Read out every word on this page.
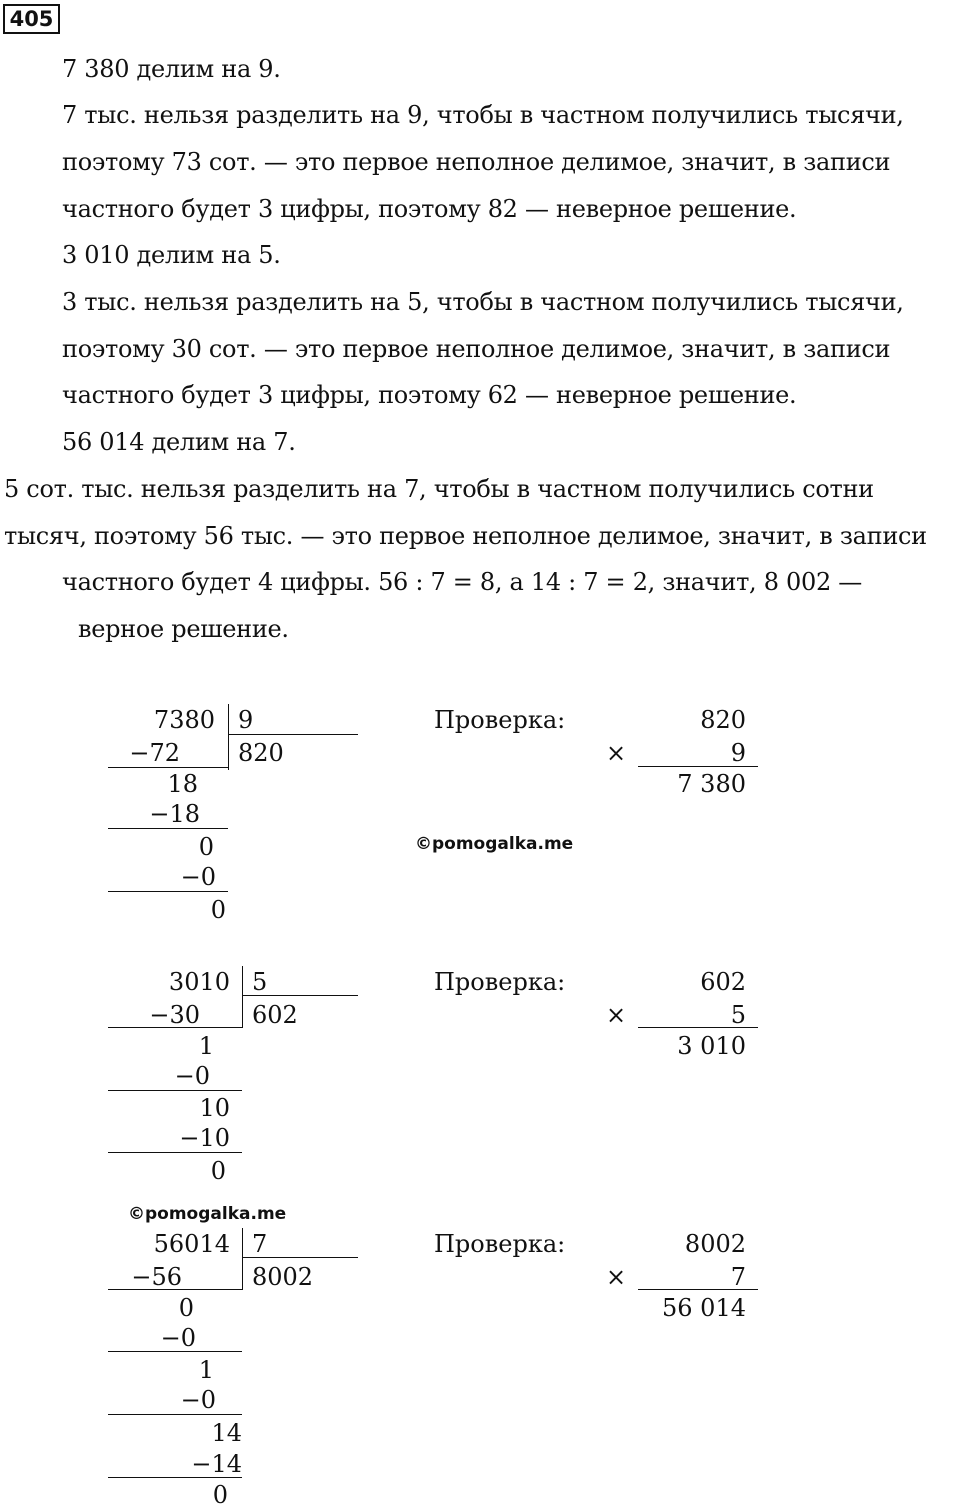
405
7 380 делим на 9.
7 тыс. нельзя разделить на 9, чтобы в частном получились тысячи,
поэтому 73 сот. — это первое неполное делимое, значит, в записи
частного будет 3 цифры, поэтому 82 — неверное решение.
3 010 делим на 5.
3 тыс. нельзя разделить на 5, чтобы в частном получились тысячи,
поэтому 30 сот. — это первое неполное делимое, значит, в записи
частного будет 3 цифры, поэтому 62 — неверное решение.
56 014 делим на 7.
5 сот. тыс. нельзя разделить на 7, чтобы в частном получились сотни
тысяч, поэтому 56 тыс. — это первое неполное делимое, значит, в записи
частного будет 4 цифры. 56 : 7 = 8, а 14 : 7 = 2, значит, 8 002 —
верное решение.
7380 9
820
−72
18
−18
0
−0
0
Проверка:	820
×	9
7 380
©pomogalka.me
3010 5
602
−30
1
−0
10
−10
0
Проверка:	602
×	5
3 010
©pomogalka.me
56014 7
8002
−56
0
−0
1
−0
14
−14
0
Проверка:	8002
×	7
56 014
